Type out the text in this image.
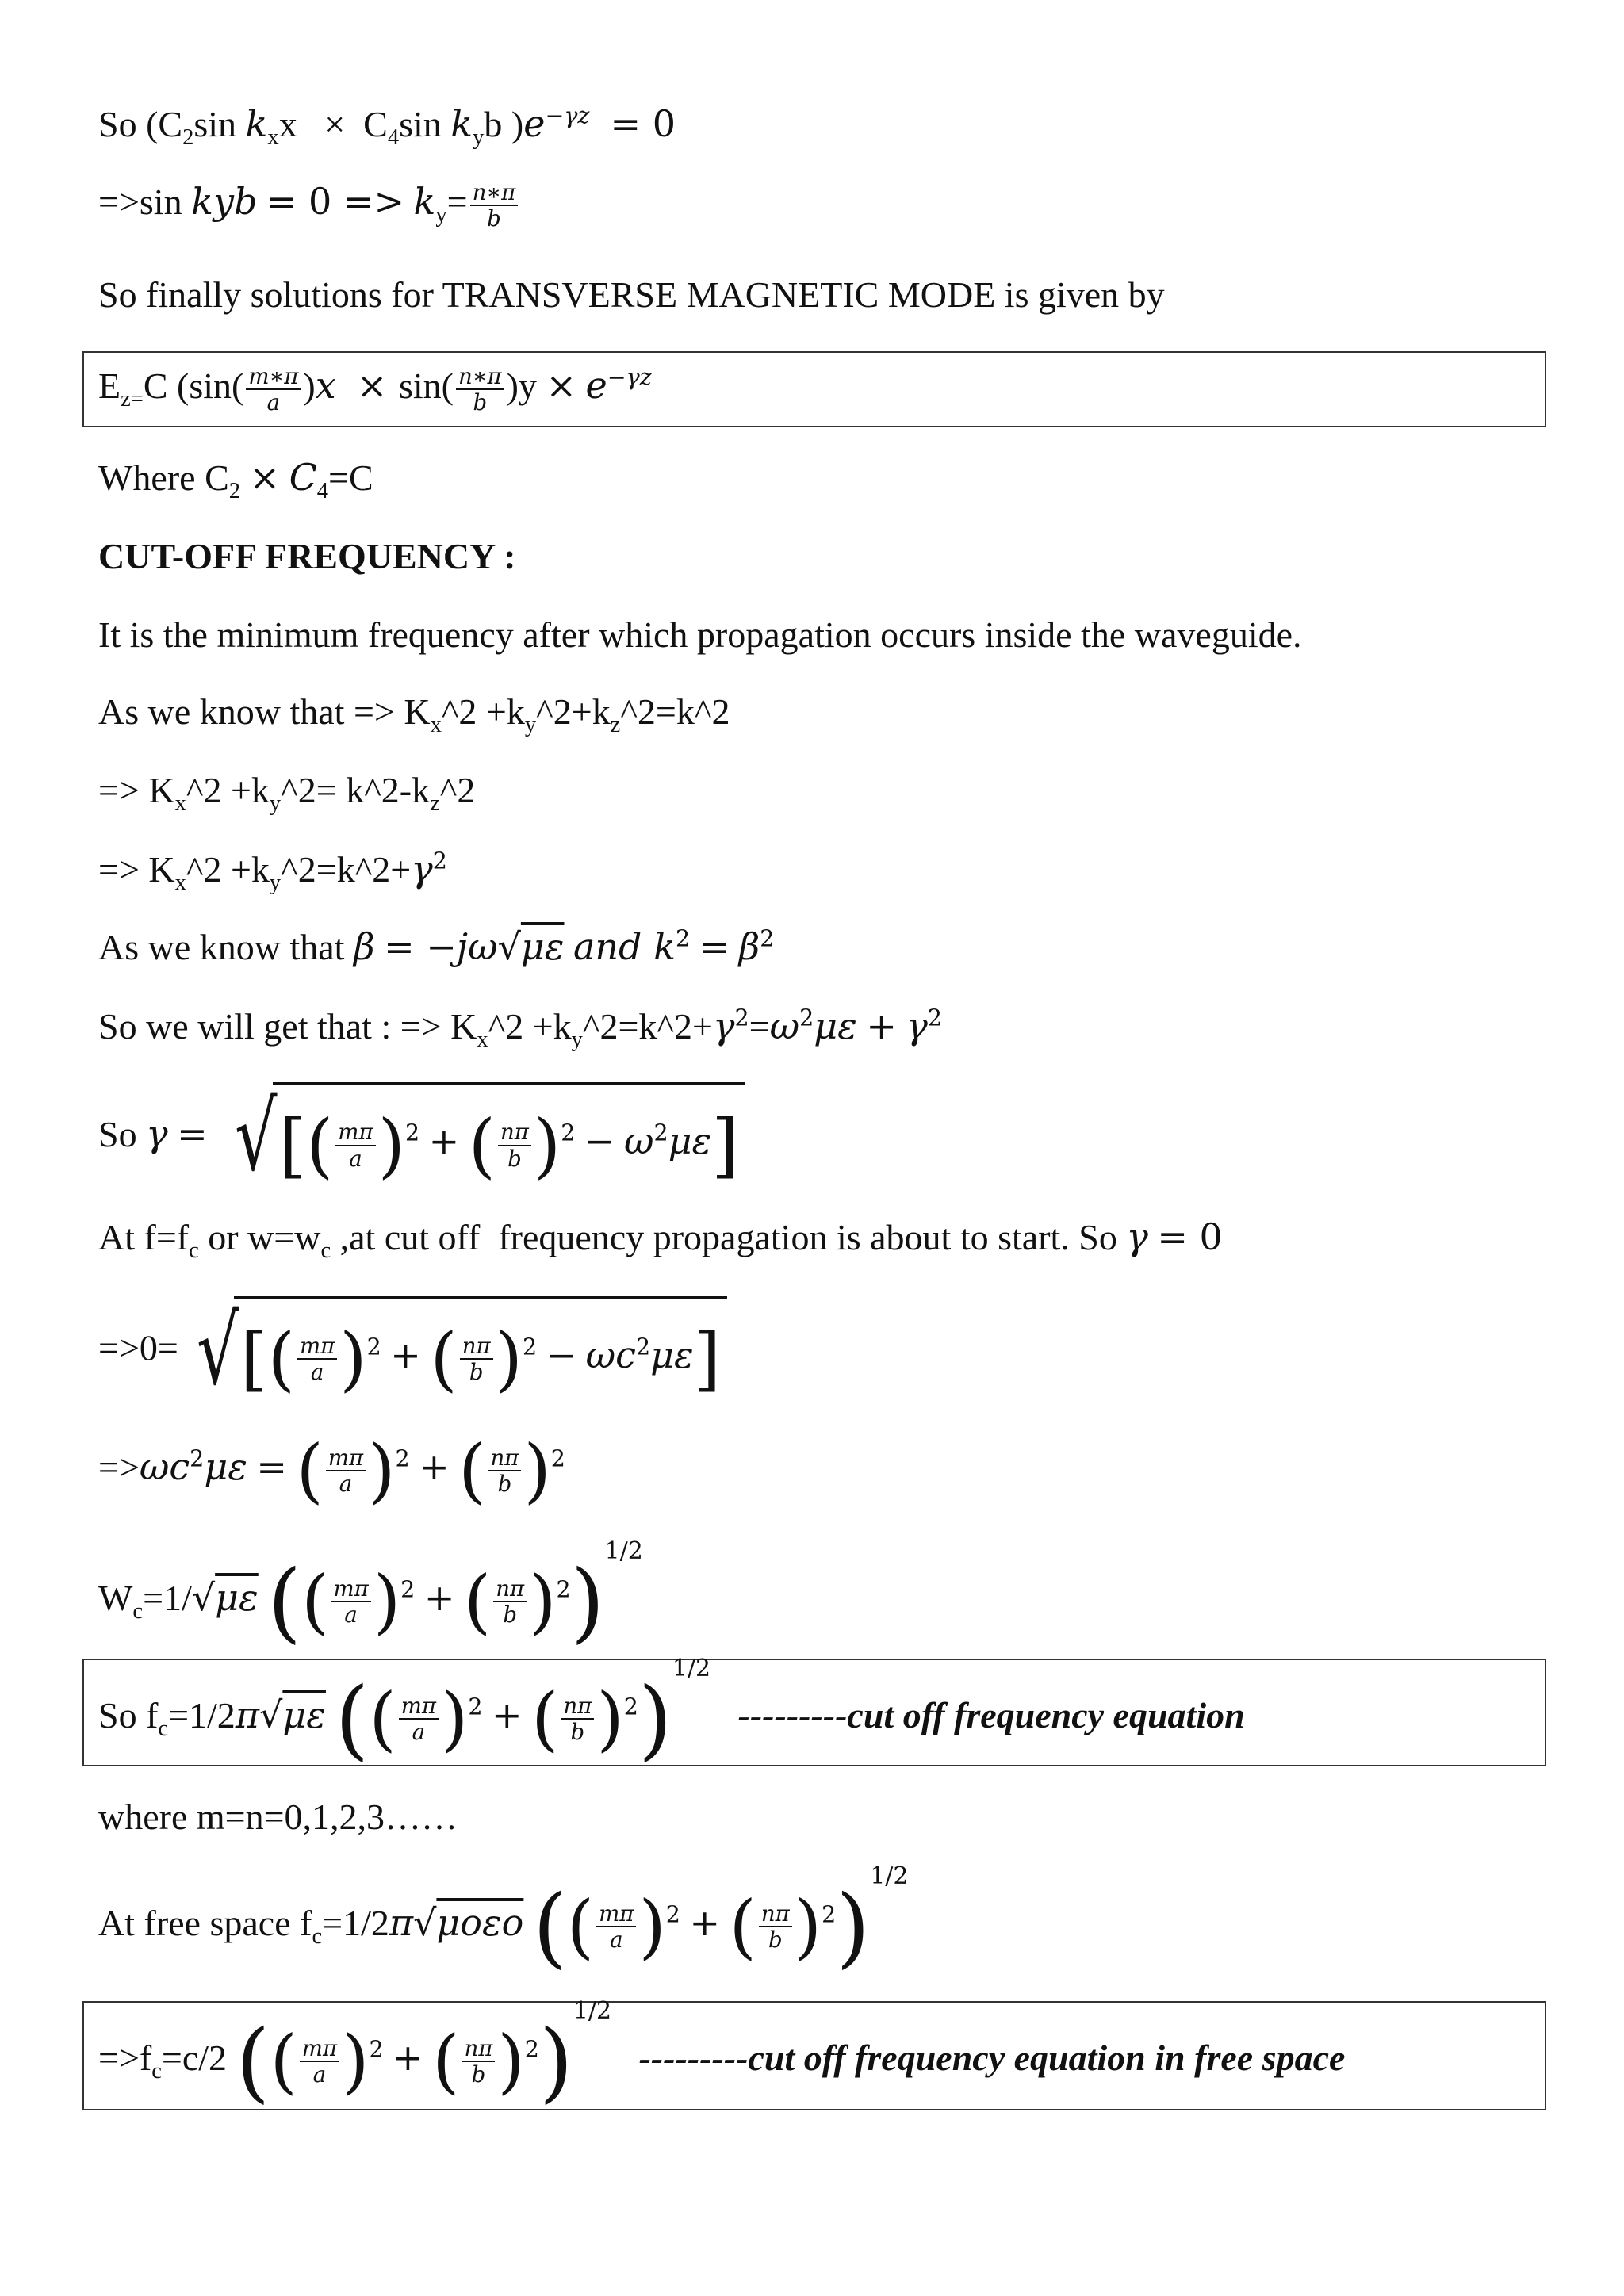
So ($C_2\sin$ $k_xx \times C_4\sin$ $k_yb$ )$e^{-\gamma z} = 0$
=>sin kyb = $0 => k_y= \frac{n∗\pi}{b}$
So finally solutions for TRANSVERSE MAGNETIC MODE is given by
$E_{z=}C$ ($\sin( \frac{m∗\pi}{a} )x \times \sin( \frac{n∗\pi}{b} )y \times e^{-\gamma z}$
Where $C_2 \times C_4=C$
CUT-OFF FREQUENCY :
It is the minimum frequency after which propagation occurs inside the waveguide.
As we know that => $K_x\^{}2$ $+k_y\^{}2+k_z\^{}2=k\^{}2$
=> $K_x\^{}2$ $+k_y\^{}2=$ $k\^{}2-k_z\^{}2$
=> $K_x\^{}2$ $+k_y\^{}2=k\^{}2+\gamma^2$
As we know that β = −jω√με and $k^2 = \beta^2$
So we will get that : => $K_x\^{}2$ $+k_y\^{}2=k\^{}2+\gamma^2=\omega^2\mu\varepsilon + \gamma^2$
So γ = √[( $\frac{m\pi}{a} )^2$ + ( $\frac{n\pi}{b} )^2 - \omega^2\mu\varepsilon$]
At $f=f_c$ or $w=w_c$ ,at cut off  frequency propagation is about to start. So γ = 0
=>0= √[( $\frac{m\pi}{a} )^2$ + ( $\frac{n\pi}{b} )^2 - \omega c^2\mu\varepsilon$]
$=>\omega c^2\mu\varepsilon$ = ( $\frac{m\pi}{a} )^2$ + ( $\frac{n\pi}{b} )^2$
$W_c=1/√\mu\varepsilon$ (( $\frac{m\pi}{a} )^2$ + ( $\frac{n\pi}{b} )^2)1/2$
So $f_c=1/2\pi√\mu\varepsilon$ (( $\frac{m\pi}{a} )^2$ + ( $\frac{n\pi}{b} )^2)1/2$   ---------cut off frequency equation
where m=n=0,1,2,3……
At free space $f_c=1/2\pi√\mu o\varepsilon o$ (( $\frac{m\pi}{a} )^2$ + ( $\frac{n\pi}{b} )^2)1/2$
$=>f_c=c/2$ (( $\frac{m\pi}{a} )^2$ + ( $\frac{n\pi}{b} )^2)1/2$   ---------cut off frequency equation in free space
